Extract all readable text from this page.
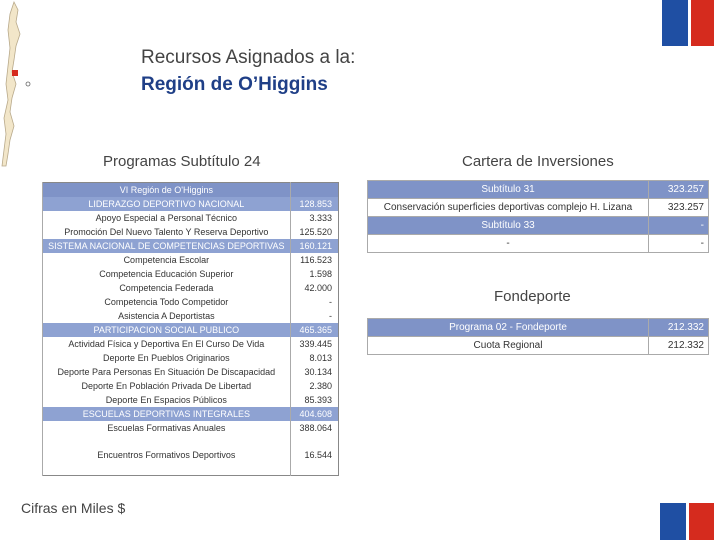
Recursos Asignados a la:
Región de O’Higgins
Programas Subtítulo 24	Cartera de Inversiones
Fondeporte
VI Región de O'Higgins	
LIDERAZGO DEPORTIVO NACIONAL	128.853
Apoyo Especial a Personal Técnico	3.333
Promoción Del Nuevo Talento Y Reserva Deportivo	125.520
SISTEMA NACIONAL DE COMPETENCIAS DEPORTIVAS	160.121
Competencia Escolar	116.523
Competencia Educación Superior	1.598
Competencia Federada	42.000
Competencia Todo Competidor	-
Asistencia A Deportistas	-
PARTICIPACION SOCIAL PUBLICO	465.365
Actividad Física y Deportiva En El Curso De Vida	339.445
Deporte En Pueblos Originarios	8.013
Deporte Para Personas En Situación De Discapacidad	30.134
Deporte En Población Privada De Libertad	2.380
Deporte En Espacios Públicos	85.393
ESCUELAS DEPORTIVAS INTEGRALES	404.608
Escuelas Formativas Anuales	388.064
Encuentros Formativos Deportivos	16.544
Subtítulo 31	323.257
Conservación superficies deportivas complejo H. Lizana	323.257
Subtítulo 33	-
-	-
Programa 02 - Fondeporte	212.332
Cuota Regional	212.332
Cifras en Miles $
